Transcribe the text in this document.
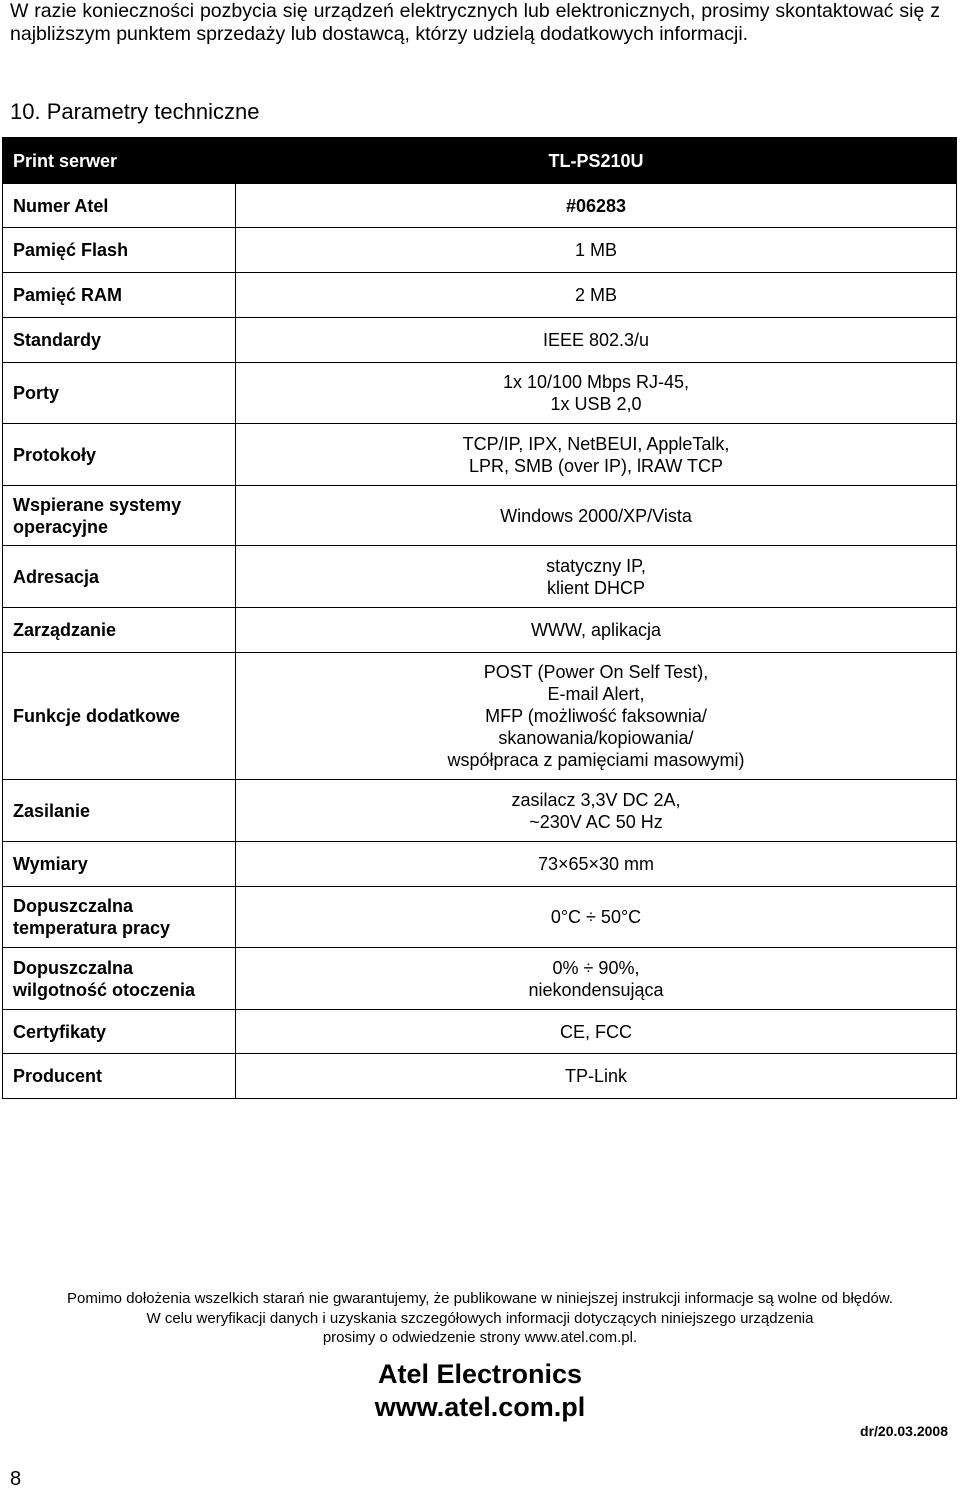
W razie konieczności pozbycia się urządzeń elektrycznych lub elektronicznych, prosimy skontaktować się z najbliższym punktem sprzedaży lub dostawcą, którzy udzielą dodatkowych informacji.
10. Parametry techniczne
Print serwer	TL-PS210U
Numer Atel	#06283
Pamięć Flash	1 MB
Pamięć RAM	2 MB
Standardy	IEEE 802.3/u
Porty	1x 10/100 Mbps RJ-45,
1x USB 2,0
Protokoły	TCP/IP, IPX, NetBEUI, AppleTalk,
LPR, SMB (over IP), lRAW TCP
Wspierane systemy operacyjne	Windows 2000/XP/Vista
Adresacja	statyczny IP,
klient DHCP
Zarządzanie	WWW, aplikacja
Funkcje dodatkowe	POST (Power On Self Test),
E-mail Alert,
MFP (możliwość faksownia/
skanowania/kopiowania/
współpraca z pamięciami masowymi)
Zasilanie	zasilacz 3,3V DC 2A,
~230V AC 50 Hz
Wymiary	73×65×30 mm
Dopuszczalna temperatura pracy	0°C ÷ 50°C
Dopuszczalna wilgotność otoczenia	0% ÷ 90%,
niekondensująca
Certyfikaty	CE, FCC
Producent	TP-Link
Pomimo dołożenia wszelkich starań nie gwarantujemy, że publikowane w niniejszej instrukcji informacje są wolne od błędów.
W celu weryfikacji danych i uzyskania szczegółowych informacji dotyczących niniejszego urządzenia
prosimy o odwiedzenie strony www.atel.com.pl.
Atel Electronics
www.atel.com.pl
dr/20.03.2008
8
